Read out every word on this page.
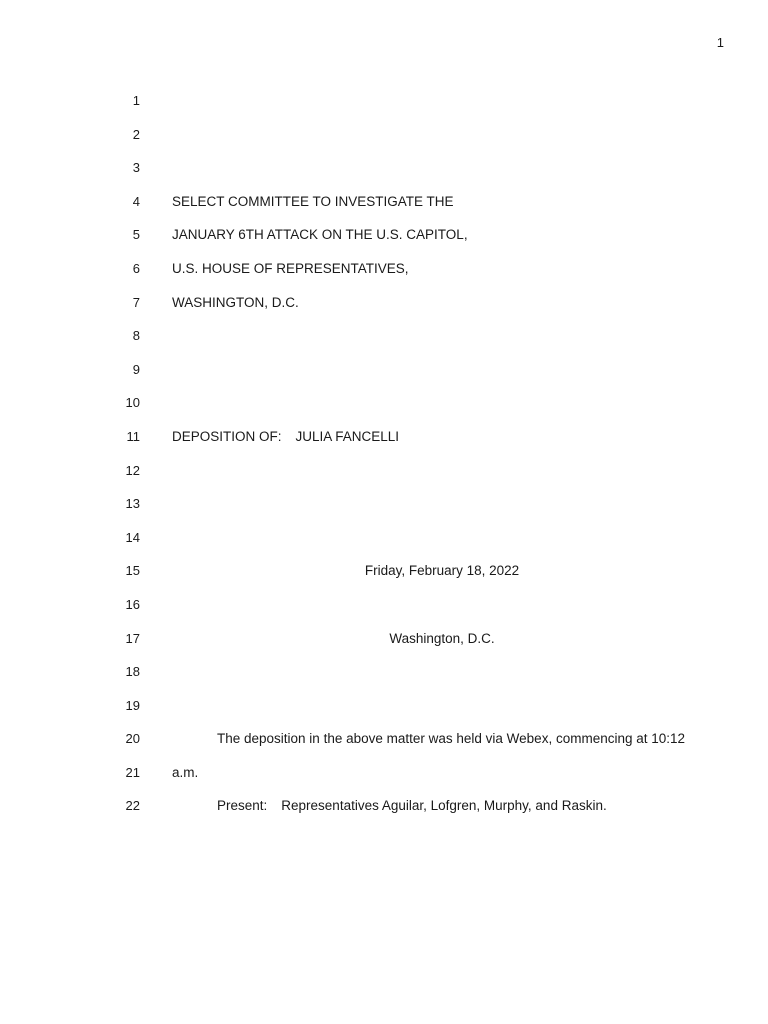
1
1
2
3
4 SELECT COMMITTEE TO INVESTIGATE THE
5 JANUARY 6TH ATTACK ON THE U.S. CAPITOL,
6 U.S. HOUSE OF REPRESENTATIVES,
7 WASHINGTON, D.C.
8
9
10
11 DEPOSITION OF: JULIA FANCELLI
12
13
14
15	Friday, February 18, 2022
16
17	Washington, D.C.
18
19
20	The deposition in the above matter was held via Webex, commencing at 10:12
21 a.m.
22	Present: Representatives Aguilar, Lofgren, Murphy, and Raskin.
